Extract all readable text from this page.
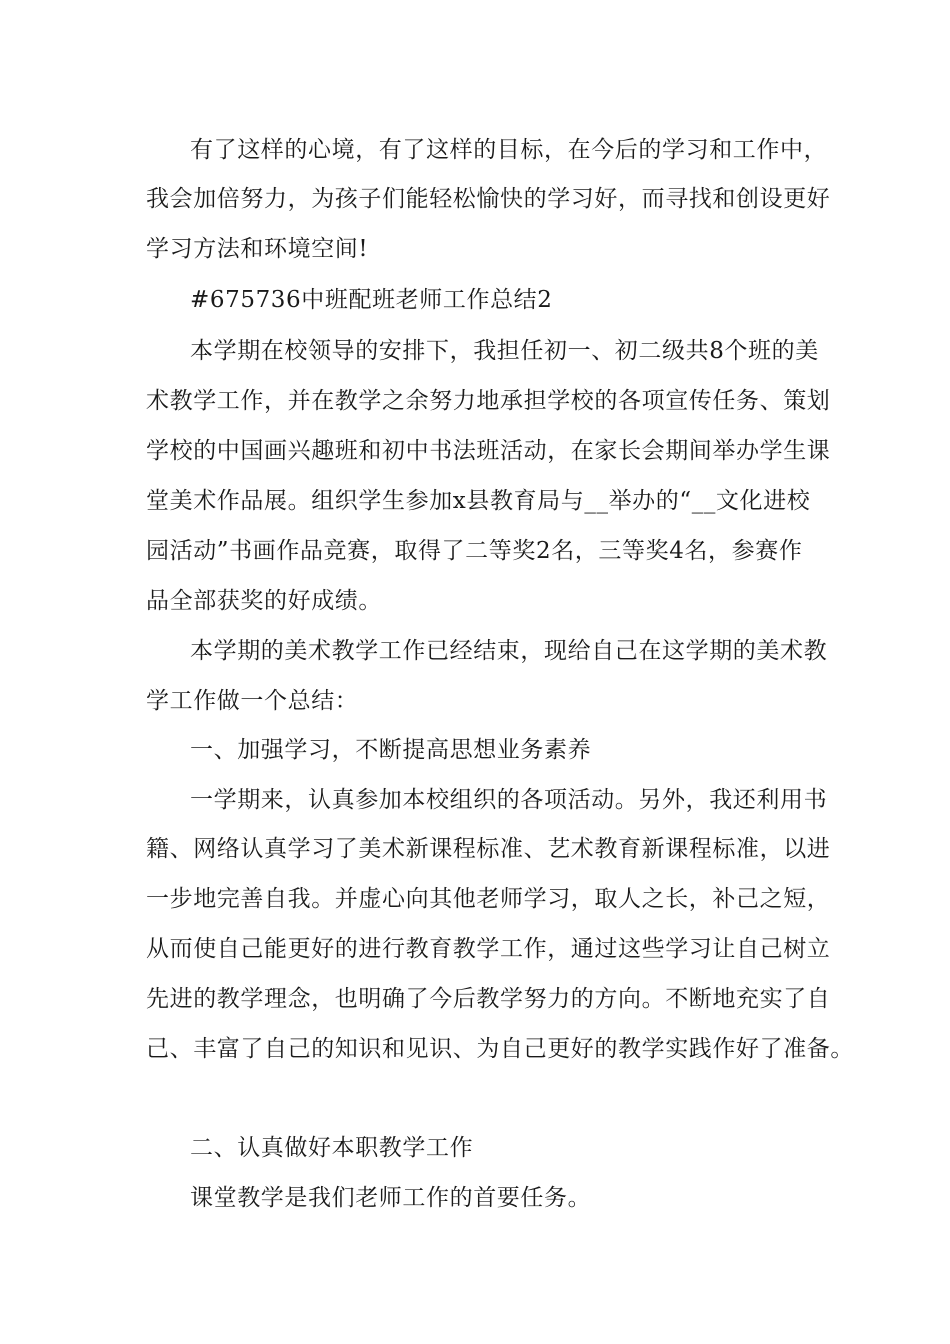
有了这样的心境，有了这样的目标，在今后的学习和工作中，
我会加倍努力，为孩子们能轻松愉快的学习好，而寻找和创设更好
学习方法和环境空间!
#675736中班配班老师工作总结2
本学期在校领导的安排下，我担任初一、初二级共8个班的美
术教学工作，并在教学之余努力地承担学校的各项宣传任务、策划
学校的中国画兴趣班和初中书法班活动，在家长会期间举办学生课
堂美术作品展。组织学生参加x县教育局与__举办的“__文化进校
园活动”书画作品竞赛，取得了二等奖2名，三等奖4名，参赛作
品全部获奖的好成绩。
本学期的美术教学工作已经结束，现给自己在这学期的美术教
学工作做一个总结：
一、加强学习，不断提高思想业务素养
一学期来，认真参加本校组织的各项活动。另外，我还利用书
籍、网络认真学习了美术新课程标准、艺术教育新课程标准，以进
一步地完善自我。并虚心向其他老师学习，取人之长，补己之短，
从而使自己能更好的进行教育教学工作，通过这些学习让自己树立
先进的教学理念，也明确了今后教学努力的方向。不断地充实了自
己、丰富了自己的知识和见识、为自己更好的教学实践作好了准备。
二、认真做好本职教学工作
课堂教学是我们老师工作的首要任务。
